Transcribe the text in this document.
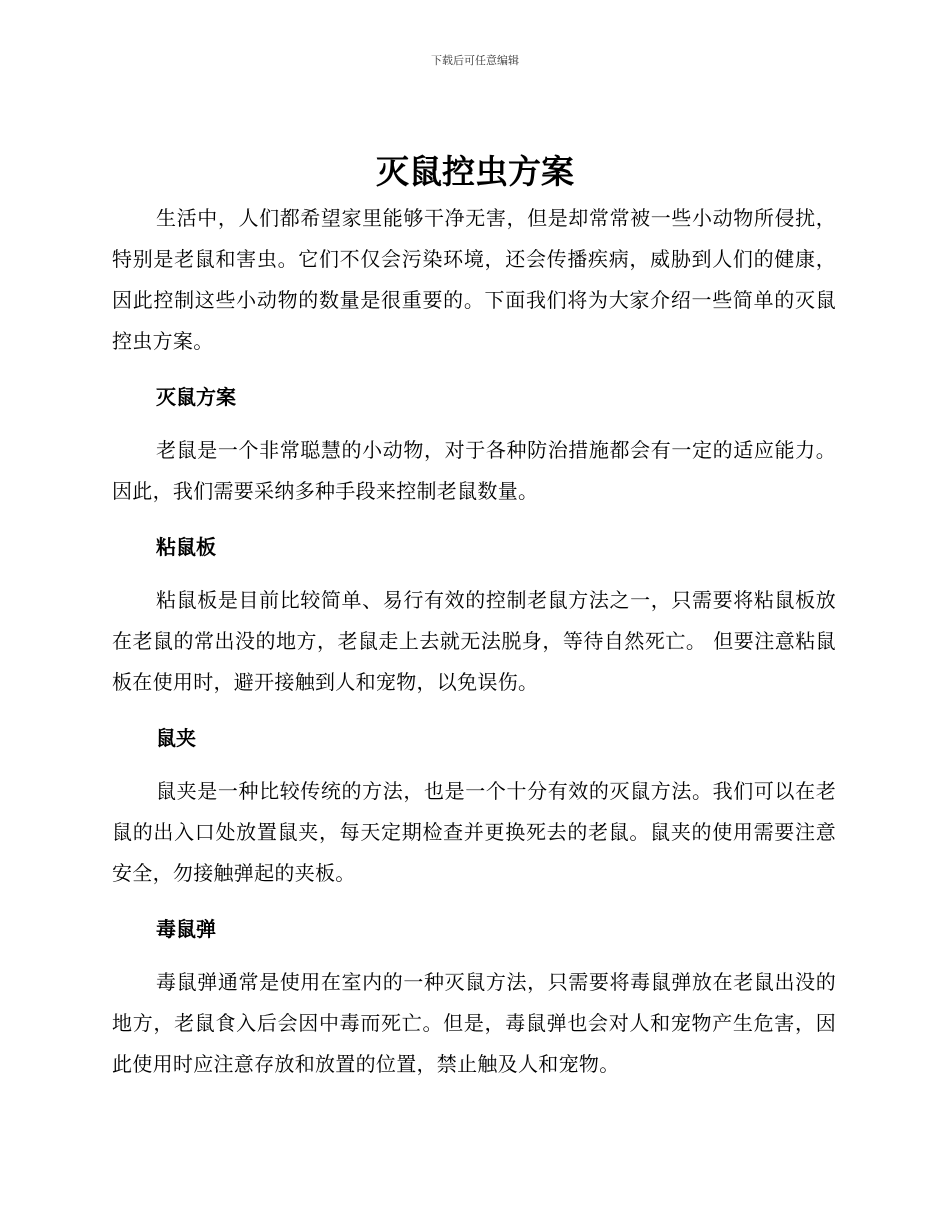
下载后可任意编辑
灭鼠控虫方案

生活中，人们都希望家里能够干净无害，但是却常常被一些小动物所侵扰，特别是老鼠和害虫。它们不仅会污染环境，还会传播疾病，威胁到人们的健康，因此控制这些小动物的数量是很重要的。下面我们将为大家介绍一些简单的灭鼠控虫方案。

灭鼠方案

老鼠是一个非常聪慧的小动物，对于各种防治措施都会有一定的适应能力。因此，我们需要采纳多种手段来控制老鼠数量。

粘鼠板

粘鼠板是目前比较简单、易行有效的控制老鼠方法之一，只需要将粘鼠板放在老鼠的常出没的地方，老鼠走上去就无法脱身，等待自然死亡。 但要注意粘鼠板在使用时，避开接触到人和宠物，以免误伤。

鼠夹

鼠夹是一种比较传统的方法，也是一个十分有效的灭鼠方法。我们可以在老鼠的出入口处放置鼠夹，每天定期检查并更换死去的老鼠。鼠夹的使用需要注意安全，勿接触弹起的夹板。

毒鼠弹

毒鼠弹通常是使用在室内的一种灭鼠方法，只需要将毒鼠弹放在老鼠出没的地方，老鼠食入后会因中毒而死亡。但是，毒鼠弹也会对人和宠物产生危害，因此使用时应注意存放和放置的位置，禁止触及人和宠物。
